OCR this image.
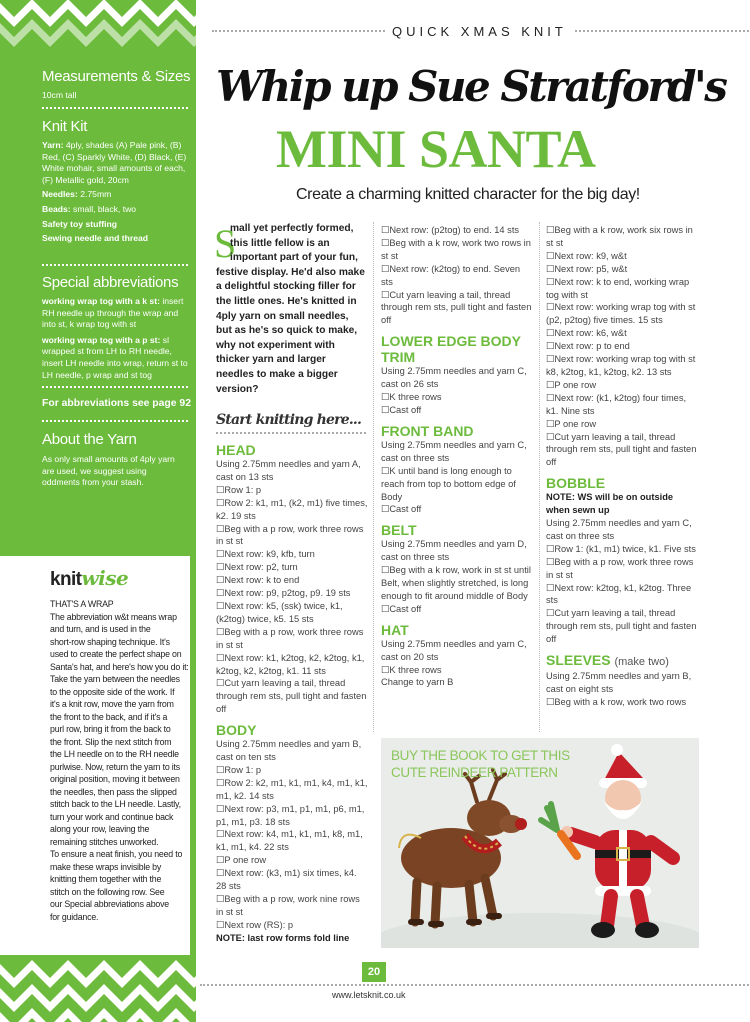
Measurements & Sizes
10cm tall
Knit Kit
Yarn: 4ply, shades (A) Pale pink, (B) Red, (C) Sparkly White, (D) Black, (E) White mohair, small amounts of each, (F) Metallic gold, 20cm
Needles: 2.75mm
Beads: small, black, two
Safety toy stuffing
Sewing needle and thread
Special abbreviations
working wrap tog with a k st: insert RH needle up through the wrap and into st, k wrap tog with st
working wrap tog with a p st: sl wrapped st from LH to RH needle, insert LH needle into wrap, return st to LH needle, p wrap and st tog
For abbreviations see page 92
About the Yarn
As only small amounts of 4ply yarn are used, we suggest using oddments from your stash.
knitwise
THAT'S A WRAP
The abbreviation w&t means wrap
and turn, and is used in the
short-row shaping technique. It's
used to create the perfect shape on
Santa's hat, and here's how you do it:
Take the yarn between the needles
to the opposite side of the work. If
it's a knit row, move the yarn from
the front to the back, and if it's a
purl row, bring it from the back to
the front. Slip the next stitch from
the LH needle on to the RH needle
purlwise. Now, return the yarn to its
original position, moving it between
the needles, then pass the slipped
stitch back to the LH needle. Lastly,
turn your work and continue back
along your row, leaving the
remaining stitches unworked.
To ensure a neat finish, you need to
make these wraps invisible by
knitting them together with the
stitch on the following row. See
our Special abbreviations above
for guidance.
QUICK XMAS KNIT
Whip up Sue Stratford's
MINI SANTA
Create a charming knitted character for the big day!
S
mall yet perfectly formed,
this little fellow is an
important part of your fun,
festive display. He'd also make a delightful stocking filler for the little ones. He's knitted in 4ply yarn on small needles, but as he's so quick to make, why not experiment with thicker yarn and larger needles to make a bigger version?
Start knitting here...

HEAD

Using 2.75mm needles and yarn A, cast on 13 sts

☐ Row 1: p

☐ Row 2: k1, m1, (k2, m1) five times, k2. 19 sts

☐ Beg with a p row, work three rows in st st

☐ Next row: k9, kfb, turn

☐ Next row: p2, turn

☐ Next row: k to end

☐ Next row: p9, p2tog, p9. 19 sts

☐ Next row: k5, (ssk) twice, k1, (k2tog) twice, k5. 15 sts

☐ Beg with a p row, work three rows in st st

☐ Next row: k1, k2tog, k2, k2tog, k1, k2tog, k2, k2tog, k1. 11 sts

☐ Cut yarn leaving a tail, thread through rem sts, pull tight and fasten off

BODY

Using 2.75mm needles and yarn B, cast on ten sts

☐ Row 1: p

☐ Row 2: k2, m1, k1, m1, k4, m1, k1, m1, k2. 14 sts

☐ Next row: p3, m1, p1, m1, p6, m1, p1, m1, p3. 18 sts

☐ Next row: k4, m1, k1, m1, k8, m1, k1, m1, k4. 22 sts

☐ P one row

☐ Next row: (k3, m1) six times, k4. 28 sts

☐ Beg with a p row, work nine rows in st st

☐ Next row (RS): p

NOTE: last row forms fold line

☐ Next row: (p2tog) to end. 14 sts

☐ Beg with a k row, work two rows in st st

☐ Next row: (k2tog) to end. Seven sts

☐ Cut yarn leaving a tail, thread through rem sts, pull tight and fasten off

LOWER EDGE BODY TRIM

Using 2.75mm needles and yarn C, cast on 26 sts

☐ K three rows

☐ Cast off

FRONT BAND

Using 2.75mm needles and yarn C, cast on three sts

☐ K until band is long enough to reach from top to bottom edge of Body

☐ Cast off

BELT

Using 2.75mm needles and yarn D, cast on three sts

☐ Beg with a k row, work in st st until Belt, when slightly stretched, is long enough to fit around middle of Body

☐ Cast off

HAT

Using 2.75mm needles and yarn C, cast on 20 sts

☐ K three rows

Change to yarn B

☐ Beg with a k row, work six rows in st st

☐ Next row: k9, w&t

☐ Next row: p5, w&t

☐ Next row: k to end, working wrap tog with st

☐ Next row: working wrap tog with st (p2, p2tog) five times. 15 sts

☐ Next row: k6, w&t

☐ Next row: p to end

☐ Next row: working wrap tog with st k8, k2tog, k1, k2tog, k2. 13 sts

☐ P one row

☐ Next row: (k1, k2tog) four times, k1. Nine sts

☐ P one row

☐ Cut yarn leaving a tail, thread through rem sts, pull tight and fasten off

BOBBLE

NOTE: WS will be on outside when sewn up

Using 2.75mm needles and yarn C, cast on three sts

☐ Row 1: (k1, m1) twice, k1. Five sts

☐ Beg with a p row, work three rows in st st

☐ Next row: k2tog, k1, k2tog. Three sts

☐ Cut yarn leaving a tail, thread through rem sts, pull tight and fasten off

SLEEVES (make two)

Using 2.75mm needles and yarn B, cast on eight sts

☐ Beg with a k row, work two rows

BUY THE BOOK TO GET THIS
CUTE REINDEER PATTERN
20
www.letsknit.co.uk
